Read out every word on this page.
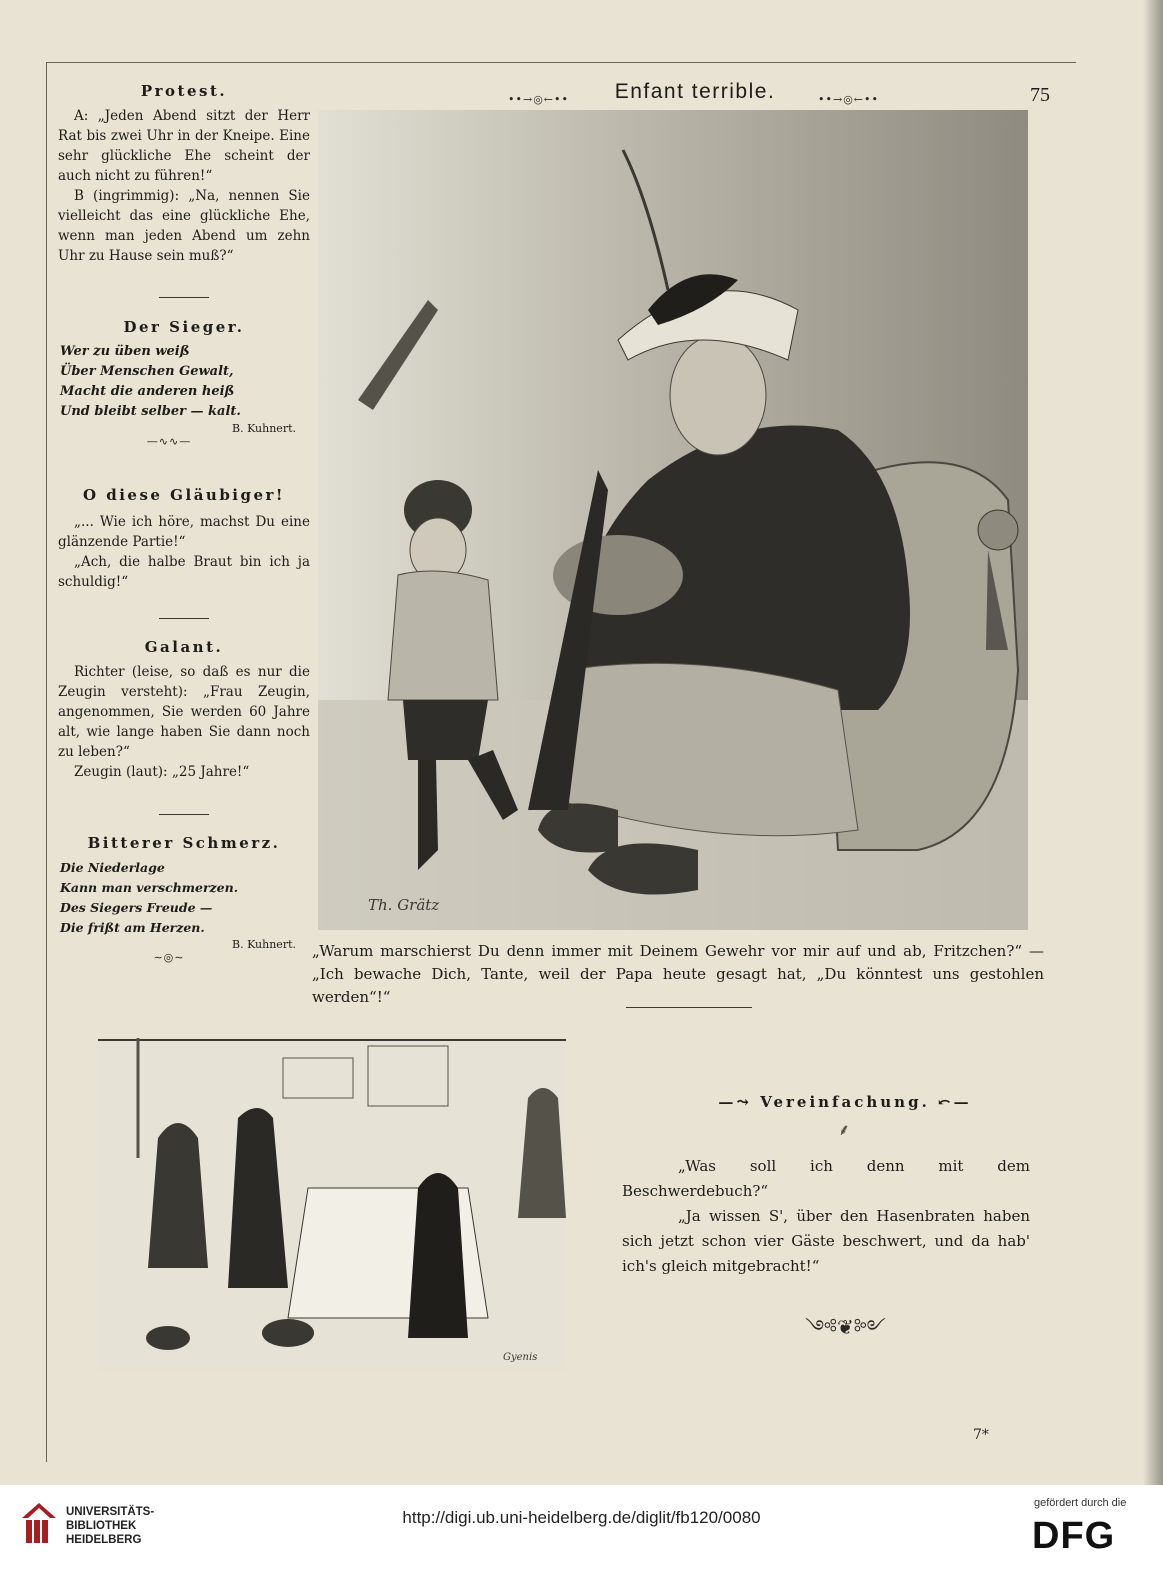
••→◎←••	Enfant terrible.	••→◎←••	75
Protest.

A: „Jeden Abend sitzt der Herr Rat bis zwei Uhr in der Kneipe. Eine sehr glückliche Ehe scheint der auch nicht zu führen!“

B (ingrimmig): „Na, nennen Sie vielleicht das eine glückliche Ehe, wenn man jeden Abend um zehn Uhr zu Hause sein muß?“

Der Sieger.
Wer zu üben weiß
Über Menschen Gewalt,
Macht die anderen heiß
Und bleibt selber — kalt.
B. Kuhnert.
—∿∿—
O diese Gläubiger!

„... Wie ich höre, machst Du eine glänzende Partie!“

„Ach, die halbe Braut bin ich ja schuldig!“

Galant.

Richter (leise, so daß es nur die Zeugin versteht): „Frau Zeugin, angenommen, Sie werden 60 Jahre alt, wie lange haben Sie dann noch zu leben?“

Zeugin (laut): „25 Jahre!“

Bitterer Schmerz.
Die Niederlage
Kann man verschmerzen.
Des Siegers Freude —
Die frißt am Herzen.
B. Kuhnert.
∼◎∼
Th. Grätz
„Warum marschierst Du denn immer mit Deinem Gewehr vor mir auf und ab, Fritzchen?“ — „Ich bewache Dich, Tante, weil der Papa heute gesagt hat, „Du könntest uns gestohlen werden“!“
Gyenis
—⤳ Vereinfachung. ⤺—
⸙

„Was soll ich denn mit dem Beschwerdebuch?“

„Ja wissen S', über den Hasenbraten haben sich jetzt schon vier Gäste beschwert, und da hab' ich's gleich mitgebracht!“

༺❦༻
7*
UNIVERSITÄTS-
BIBLIOTHEK
HEIDELBERG
http://digi.ub.uni-heidelberg.de/diglit/fb120/0080
gefördert durch die
DFG
